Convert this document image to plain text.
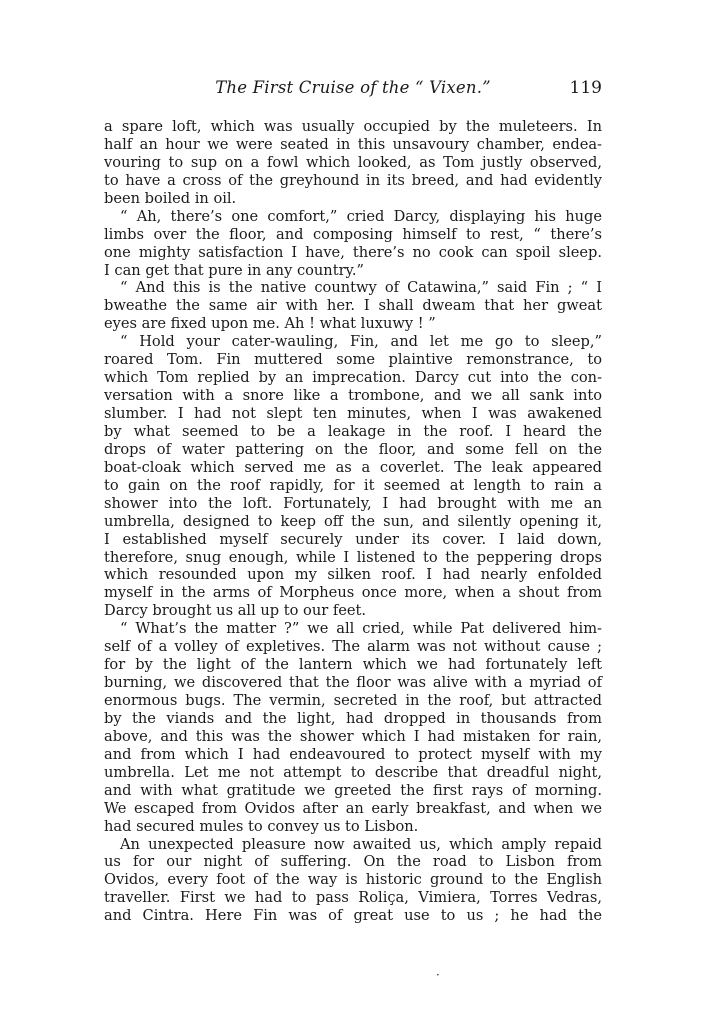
The First Cruise of the “ Vixen.”	119
a spare loft, which was usually occupied by the muleteers. In
half an hour we were seated in this unsavoury chamber, endea-
vouring to sup on a fowl which looked, as Tom justly observed,
to have a cross of the greyhound in its breed, and had evidently
been boiled in oil.
“ Ah, there’s one comfort,” cried Darcy, displaying his huge
limbs over the floor, and composing himself to rest, “ there’s
one mighty satisfaction I have, there’s no cook can spoil sleep.
I can get that pure in any country.”
“ And this is the native countwy of Catawina,” said Fin ; “ I
bweathe the same air with her. I shall dweam that her gweat
eyes are fixed upon me. Ah ! what luxuwy ! ”
“ Hold your cater-wauling, Fin, and let me go to sleep,”
roared Tom. Fin muttered some plaintive remonstrance, to
which Tom replied by an imprecation. Darcy cut into the con-
versation with a snore like a trombone, and we all sank into
slumber. I had not slept ten minutes, when I was awakened
by what seemed to be a leakage in the roof. I heard the
drops of water pattering on the floor, and some fell on the
boat-cloak which served me as a coverlet. The leak appeared
to gain on the roof rapidly, for it seemed at length to rain a
shower into the loft. Fortunately, I had brought with me an
umbrella, designed to keep off the sun, and silently opening it,
I established myself securely under its cover. I laid down,
therefore, snug enough, while I listened to the peppering drops
which resounded upon my silken roof. I had nearly enfolded
myself in the arms of Morpheus once more, when a shout from
Darcy brought us all up to our feet.
“ What’s the matter ?” we all cried, while Pat delivered him-
self of a volley of expletives. The alarm was not without cause ;
for by the light of the lantern which we had fortunately left
burning, we discovered that the floor was alive with a myriad of
enormous bugs. The vermin, secreted in the roof, but attracted
by the viands and the light, had dropped in thousands from
above, and this was the shower which I had mistaken for rain,
and from which I had endeavoured to protect myself with my
umbrella. Let me not attempt to describe that dreadful night,
and with what gratitude we greeted the first rays of morning.
We escaped from Ovidos after an early breakfast, and when we
had secured mules to convey us to Lisbon.
An unexpected pleasure now awaited us, which amply repaid
us for our night of suffering. On the road to Lisbon from
Ovidos, every foot of the way is historic ground to the English
traveller. First we had to pass Roliça, Vimiera, Torres Vedras,
and Cintra. Here Fin was of great use to us ; he had the
·
